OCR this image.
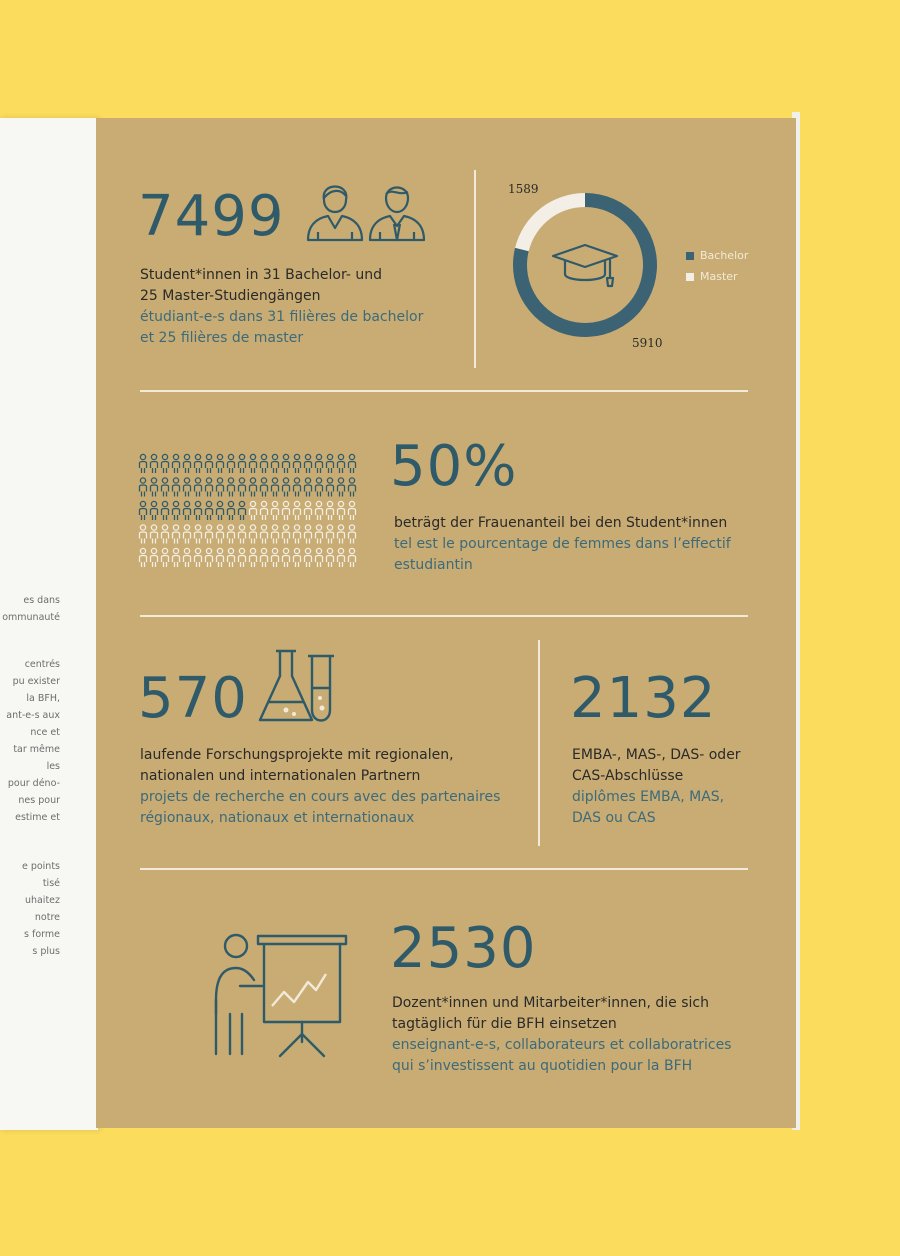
es dans
ommunauté
centrés
pu exister
la BFH,
ant-e-s aux
nce et
tar même
les
pour déno-
nes pour
estime et
e points
tisé
uhaitez
notre
s forme
s plus
7499
Student*innen in 31 Bachelor- und
25 Master-Studiengängen
étudiant-e-s dans 31 filières de bachelor
et 25 filières de master
1589
5910
Bachelor
Master
50%
beträgt der Frauenanteil bei den Student*innen
tel est le pourcentage de femmes dans l’effectif
estudiantin
570
laufende Forschungsprojekte mit regionalen,
nationalen und internationalen Partnern
projets de recherche en cours avec des partenaires
régionaux, nationaux et internationaux
2132
EMBA-, MAS-, DAS- oder
CAS-Abschlüsse
diplômes EMBA, MAS,
DAS ou CAS
2530
Dozent*innen und Mitarbeiter*innen, die sich
tagtäglich für die BFH einsetzen
enseignant-e-s, collaborateurs et collaboratrices
qui s’investissent au quotidien pour la BFH
